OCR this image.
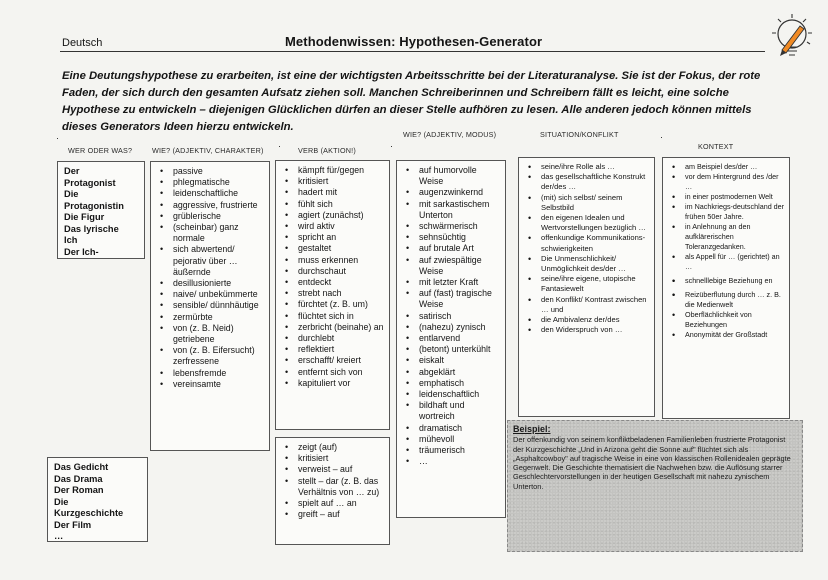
Deutsch	Methodenwissen: Hypothesen-Generator
Eine Deutungshypothese zu erarbeiten, ist eine der wichtigsten Arbeitsschritte bei der Literaturanalyse. Sie ist der Fokus, der rote Faden, der sich durch den gesamten Aufsatz ziehen soll. Manchen Schreiberinnen und Schreibern fällt es leicht, eine solche Hypothese zu entwickeln – diejenigen Glücklichen dürfen an dieser Stelle aufhören zu lesen. Alle anderen jedoch können mittels dieses Generators Ideen hierzu entwickeln.
WER ODER WAS?	WIE? (ADJEKTIV, CHARAKTER)	VERB (AKTION!)
WIE? (ADJEKTIV, MODUS)	SITUATION/KONFLIKT
KONTEXT
·
·	·
·
Der
Protagonist
Die
Protagonistin
Die Figur
Das lyrische
Ich
Der Ich-
Das Gedicht
Das Drama
Der Roman
Die
Kurzgeschichte
Der Film
…
• passive
• phlegmatische
• leidenschaftliche
• aggressive, frustrierte
• grüblerische
• (scheinbar) ganz normale
• sich abwertend/ pejorativ über … äußernde
• desillusionierte
• naive/ unbekümmerte
• sensible/ dünnhäutige
• zermürbte
• von (z. B. Neid) getriebene
• von (z. B. Eifersucht) zerfressene
• lebensfremde
• vereinsamte
• kämpft für/gegen
• kritisiert
• hadert mit
• fühlt sich
• agiert (zunächst)
• wird aktiv
• spricht an
• gestaltet
• muss erkennen
• durchschaut
• entdeckt
• strebt nach
• fürchtet (z. B. um)
• flüchtet sich in
• zerbricht (beinahe) an
• durchlebt
• reflektiert
• erschafft/ kreiert
• entfernt sich von
• kapituliert vor
• zeigt (auf)
• kritisiert
• verweist – auf
• stellt – dar (z. B. das Verhältnis von … zu)
• spielt auf … an
• greift – auf
• auf humorvolle Weise
• augenzwinkernd
• mit sarkastischem Unterton
• schwärmerisch
• sehnsüchtig
• auf brutale Art
• auf zwiespältige Weise
• mit letzter Kraft
• auf (fast) tragische Weise
• satirisch
• (nahezu) zynisch
• entlarvend
• (betont) unterkühlt
• eiskalt
• abgeklärt
• emphatisch
• leidenschaftlich
• bildhaft und wortreich
• dramatisch
• mühevoll
• träumerisch
• …
• seine/ihre Rolle als …
• das gesellschaftliche Konstrukt der/des …
• (mit) sich selbst/ seinem Selbstbild
• den eigenen Idealen und Wertvorstellungen bezüglich …
• offenkundige Kommunikations-schwierigkeiten
• Die Unmenschlichkeit/ Unmöglichkeit des/der …
• seine/ihre eigene, utopische Fantasiewelt
• den Konflikt/ Kontrast zwischen … und
• die Ambivalenz der/des
• den Widerspruch von …
• am Beispiel des/der …
• vor dem Hintergrund des /der …
• in einer postmodernen Welt
• im Nachkriegs-deutschland der frühen 50er Jahre.
• in Anlehnung an den aufklärerischen Toleranzgedanken.
• als Appell für … (gerichtet) an …
• schnelllebige Beziehung en
• Reizüberflutung durch … z. B. die Medienwelt
• Oberflächlichkeit von Beziehungen
• Anonymität der Großstadt
Beispiel:
Der offenkundig von seinem konfliktbeladenen Familienleben frustrierte Protagonist der Kurzgeschichte „Und in Arizona geht die Sonne auf" flüchtet sich als „Asphaltcowboy" auf tragische Weise in eine von klassischen Rollenidealen geprägte Gegenwelt. Die Geschichte thematisiert die Nachwehen bzw. die Auflösung starrer Geschlechtervorstellungen in der heutigen Gesellschaft mit nahezu zynischem Unterton.
